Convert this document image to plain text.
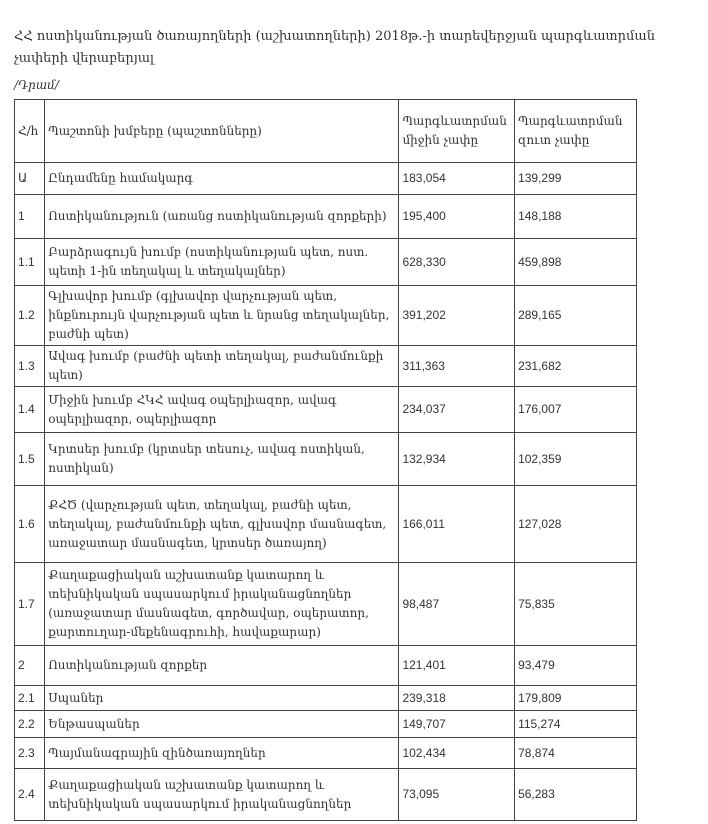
ՀՀ ոստիկանության ծառայողների (աշխատողների) 2018թ.-ի տարեվերջյան պարգևատրման չափերի վերաբերյալ
/Դրամ/
Հ/հ	Պաշտոնի խմբերը (պաշտոնները)	Պարգևատրման միջին չափը	Պարգևատրման զուտ չափը
Ա	Ընդամենը համակարգ	183,054	139,299
1	Ոստիկանություն (առանց ոստիկանության զորքերի)	195,400	148,188
1.1	Բարձրագույն խումբ (ոստիկանության պետ, ոստ. պետի 1-ին տեղակալ և տեղակալներ)	628,330	459,898
1.2	Գլխավոր խումբ (գլխավոր վարչության պետ, ինքնուրույն վարչության պետ և նրանց տեղակալներ, բաժնի պետ)	391,202	289,165
1.3	Ավագ խումբ (բաժնի պետի տեղակալ, բաժանմունքի պետ)	311,363	231,682
1.4	Միջին խումբ ՀԿՀ ավագ օպերլիազոր, ավագ օպերլիազոր, օպերլիազոր	234,037	176,007
1.5	Կրտսեր խումբ (կրտսեր տեսուչ, ավագ ոստիկան, ոստիկան)	132,934	102,359
1.6	ՔՀԾ (վարչության պետ, տեղակալ, բաժնի պետ, տեղակալ, բաժանմունքի պետ, գլխավոր մասնագետ, առաջատար մասնագետ, կրտսեր ծառայող)	166,011	127,028
1.7	Քաղաքացիական աշխատանք կատարող և տեխնիկական սպասարկում իրականացնողներ (առաջատար մասնագետ, գործավար, օպերատոր, քարտուղար-մեքենագրուհի, հավաքարար)	98,487	75,835
2	Ոստիկանության զորքեր	121,401	93,479
2.1	Սպաներ	239,318	179,809
2.2	Ենթասպաներ	149,707	115,274
2.3	Պայմանագրային զինծառայողներ	102,434	78,874
2.4	Քաղաքացիական աշխատանք կատարող և տեխնիկական սպասարկում իրականացնողներ	73,095	56,283
